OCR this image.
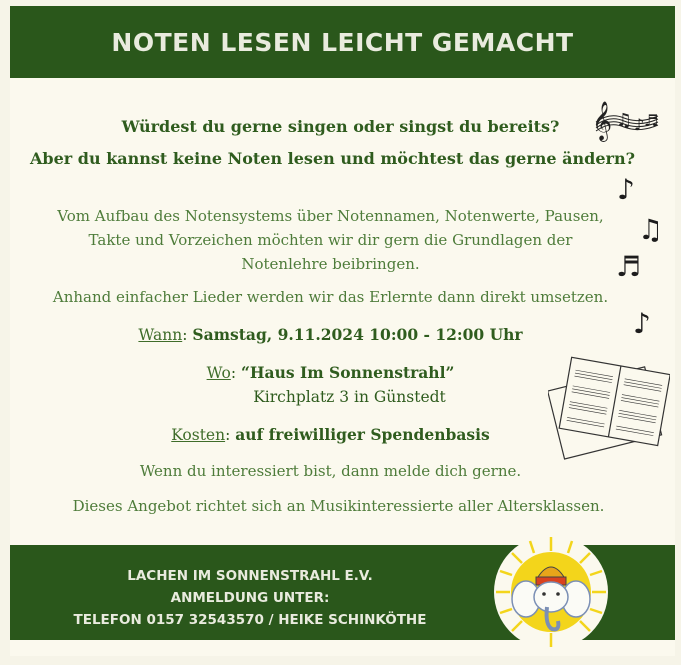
NOTEN LESEN LEICHT GEMACHT
𝄞 ♫ ♪ ♬
Würdest du gerne singen oder singst du bereits?
Aber du kannst keine Noten lesen und möchtest das gerne ändern?
♪
♫
♬
♪
Vom Aufbau des Notensystems über Notennamen, Notenwerte, Pausen,
Takte und Vorzeichen möchten wir dir gern die Grundlagen der
Notenlehre beibringen.
Anhand einfacher Lieder werden wir das Erlernte dann direkt umsetzen.
Wann: Samstag, 9.11.2024 10:00 - 12:00 Uhr
Wo: “Haus Im Sonnenstrahl”
Kirchplatz 3 in Günstedt
Kosten: auf freiwilliger Spendenbasis
Wenn du interessiert bist, dann melde dich gerne.
Dieses Angebot richtet sich an Musikinteressierte aller Altersklassen.
LACHEN IM SONNENSTRAHL E.V.
ANMELDUNG UNTER:
TELEFON 0157 32543570 / HEIKE SCHINKÖTHE
